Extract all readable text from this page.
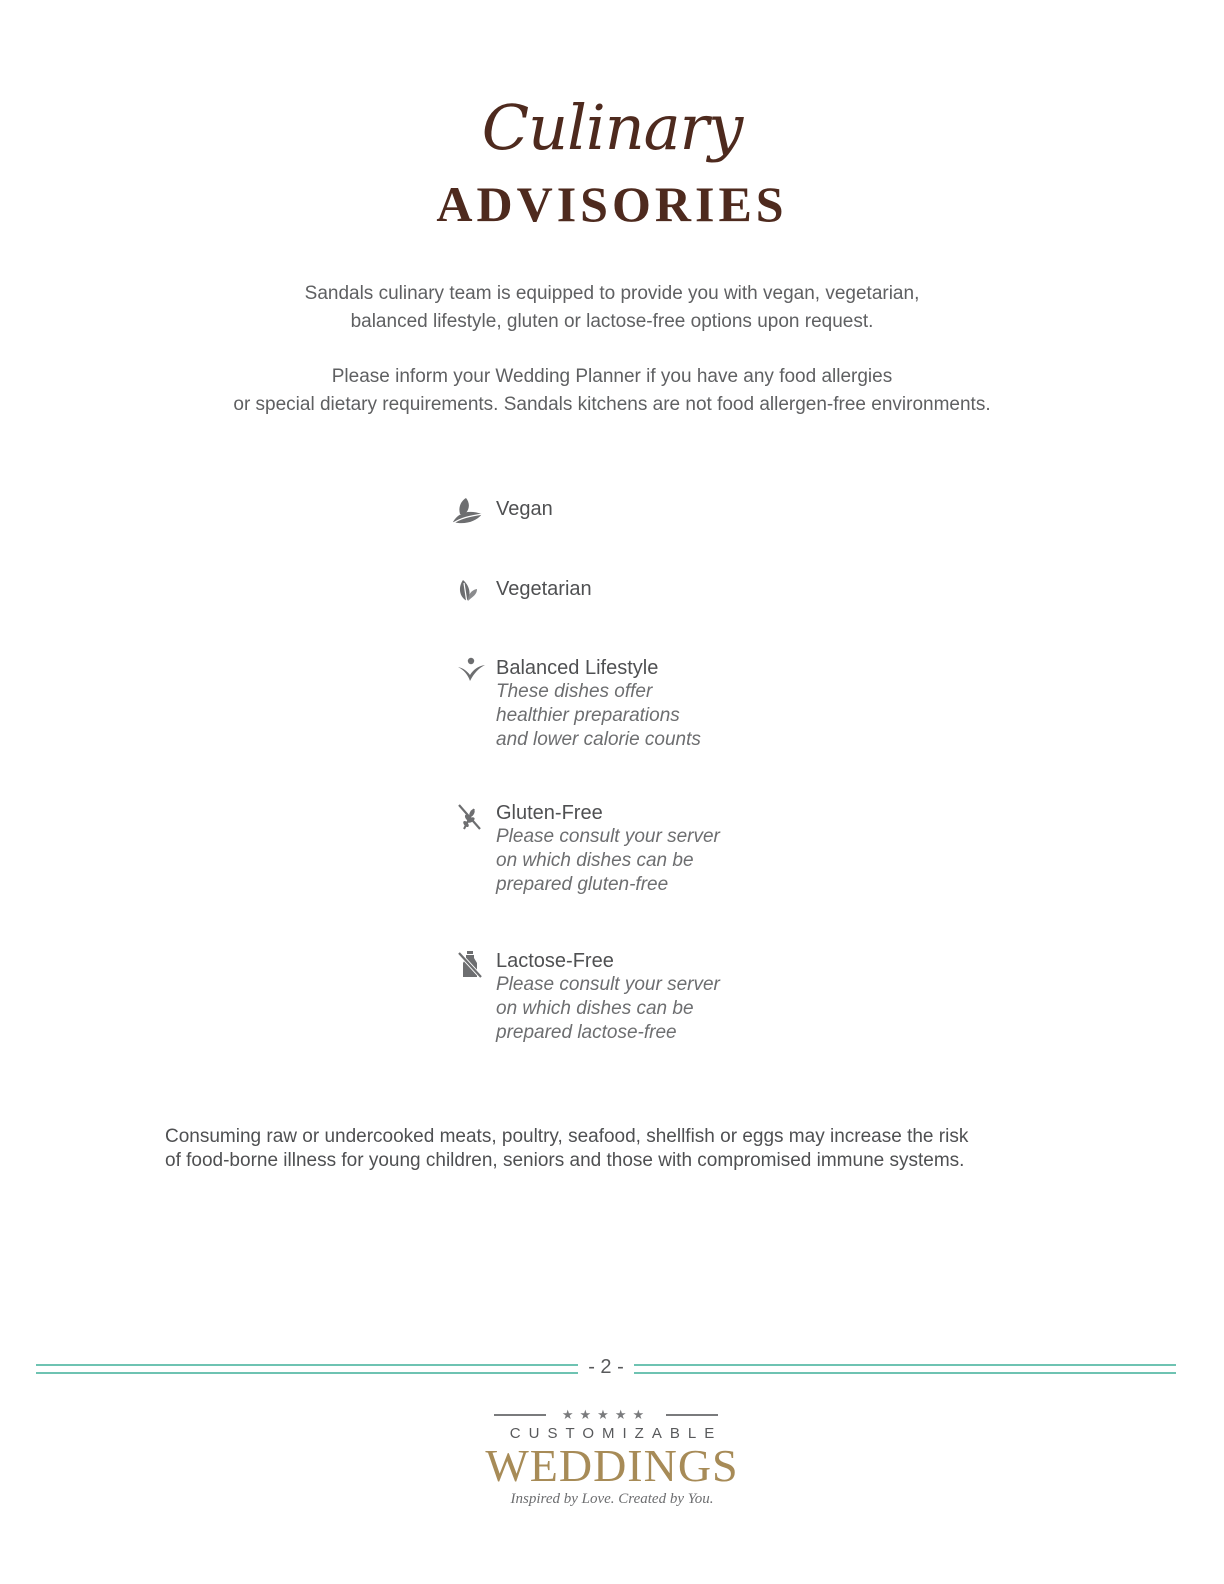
Culinary
ADVISORIES

Sandals culinary team is equipped to provide you with vegan, vegetarian,

balanced lifestyle, gluten or lactose-free options upon request.

Please inform your Wedding Planner if you have any food allergies

or special dietary requirements. Sandals kitchens are not food allergen-free environments.

Vegan
Vegetarian
Balanced Lifestyle
These dishes offer
healthier preparations
and lower calorie counts
Gluten-Free
Please consult your server
on which dishes can be
prepared gluten-free
Lactose-Free
Please consult your server
on which dishes can be
prepared lactose-free
Consuming raw or undercooked meats, poultry, seafood, shellfish or eggs may increase the risk
of food-borne illness for young children, seniors and those with compromised immune systems.
- 2 -
★★★★★
CUSTOMIZABLE
WEDDINGS
Inspired by Love. Created by You.
